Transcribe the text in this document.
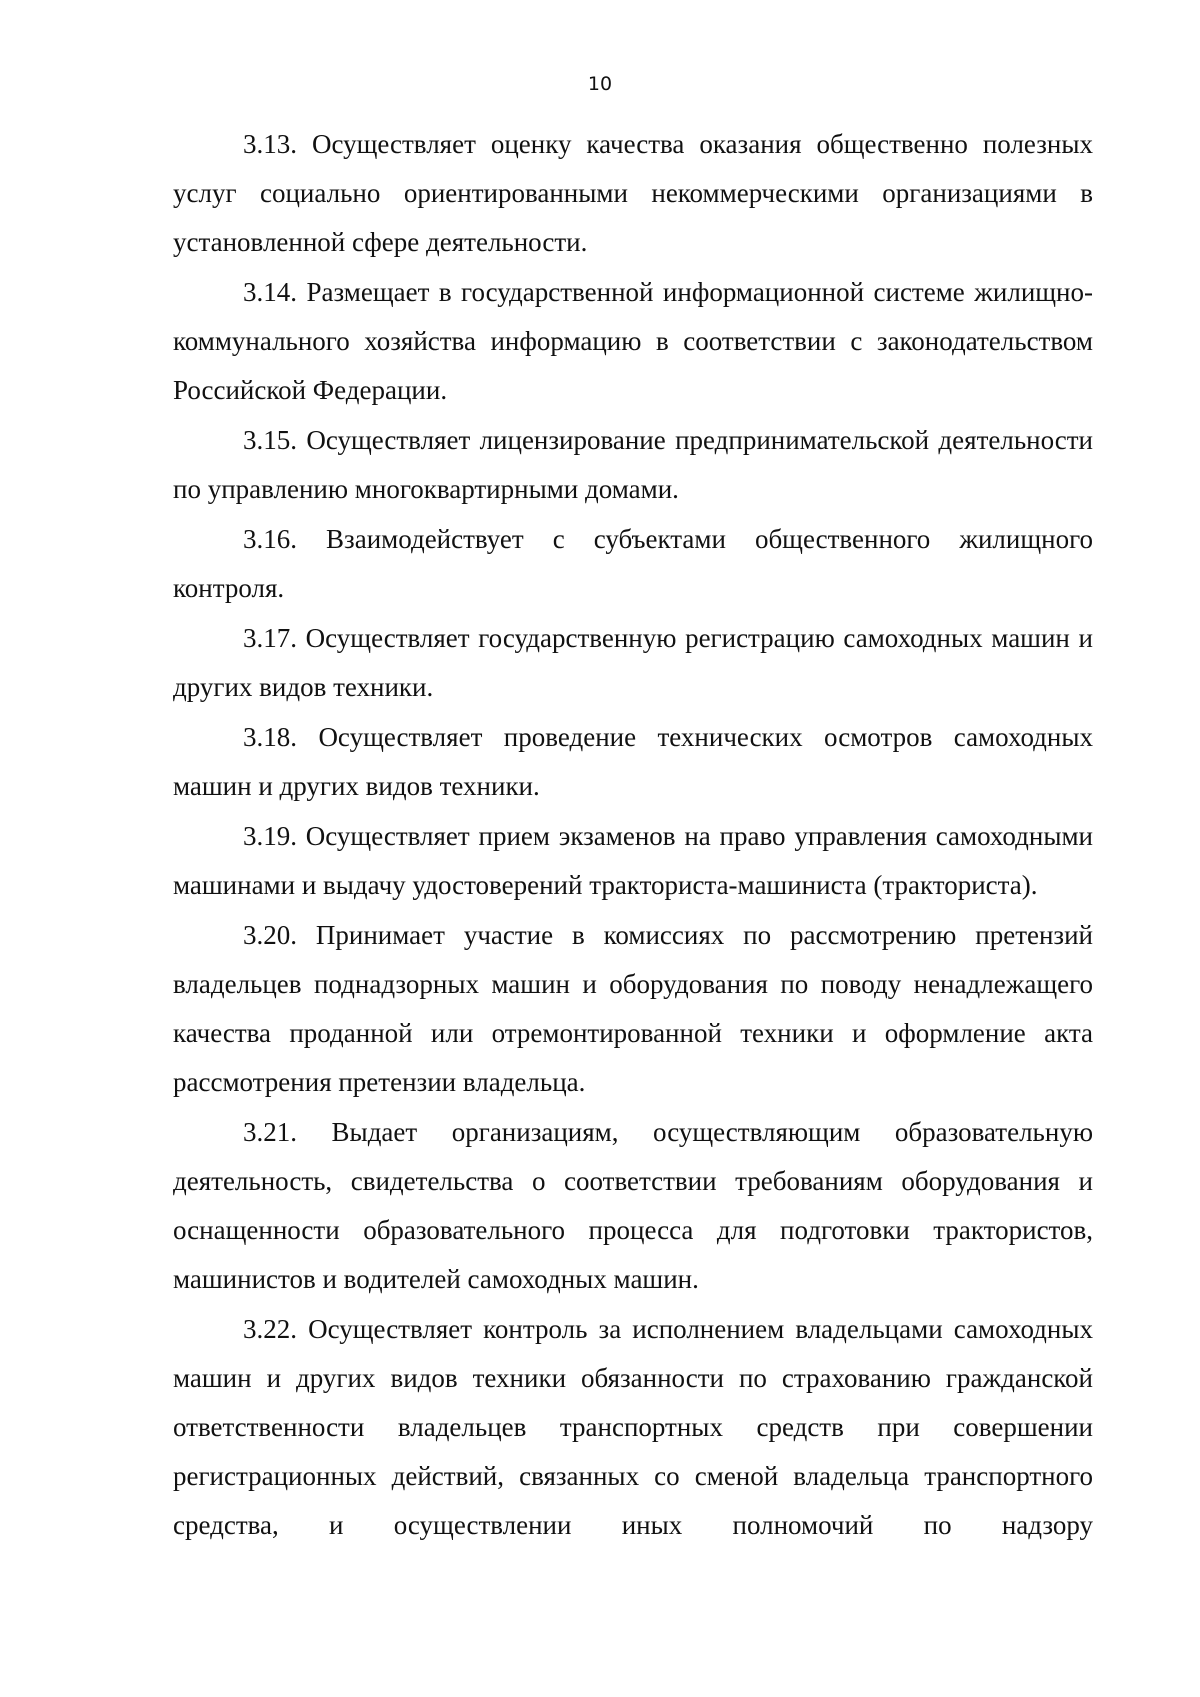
10

3.13. Осуществляет оценку качества оказания общественно полезных услуг социально ориентированными некоммерческими организациями в установленной сфере деятельности.

3.14. Размещает в государственной информационной системе жилищно-коммунального хозяйства информацию в соответствии с законодательством Российской Федерации.

3.15. Осуществляет лицензирование предпринимательской деятельности по управлению многоквартирными домами.

3.16. Взаимодействует с субъектами общественного жилищного контроля.

3.17. Осуществляет государственную регистрацию самоходных машин и других видов техники.

3.18. Осуществляет проведение технических осмотров самоходных машин и других видов техники.

3.19. Осуществляет прием экзаменов на право управления самоходными машинами и выдачу удостоверений тракториста-машиниста (тракториста).

3.20. Принимает участие в комиссиях по рассмотрению претензий владельцев поднадзорных машин и оборудования по поводу ненадлежащего качества проданной или отремонтированной техники и оформление акта рассмотрения претензии владельца.

3.21. Выдает организациям, осуществляющим образовательную деятельность, свидетельства о соответствии требованиям оборудования и оснащенности образовательного процесса для подготовки трактористов, машинистов и водителей самоходных машин.

3.22. Осуществляет контроль за исполнением владельцами самоходных машин и других видов техники обязанности по страхованию гражданской ответственности владельцев транспортных средств при совершении регистрационных действий, связанных со сменой владельца транспортного средства, и осуществлении иных полномочий по надзору
